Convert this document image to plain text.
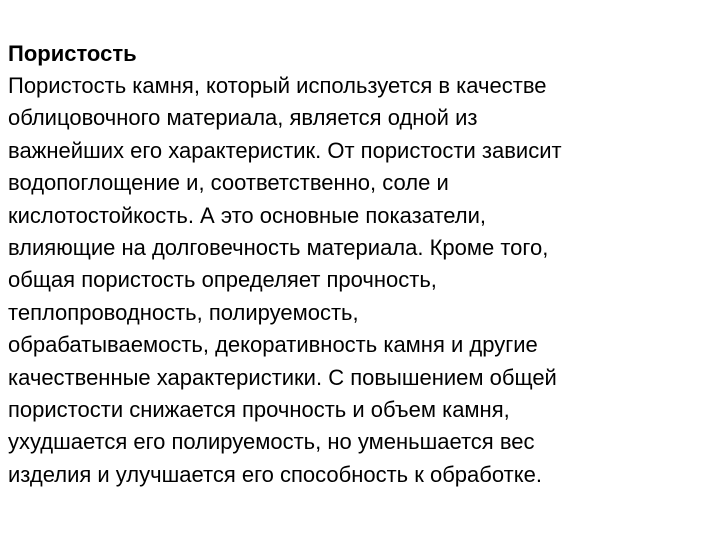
Пористость
Пористость камня, который используется в качестве
облицовочного материала, является одной из
важнейших его характеристик. От пористости зависит
водопоглощение и, соответственно, соле и
кислотостойкость. А это основные показатели,
влияющие на долговечность материала. Кроме того,
общая пористость определяет прочность,
теплопроводность, полируемость,
обрабатываемость, декоративность камня и другие
качественные характеристики. С повышением общей
пористости снижается прочность и объем камня,
ухудшается его полируемость, но уменьшается вес
изделия и улучшается его способность к обработке.
